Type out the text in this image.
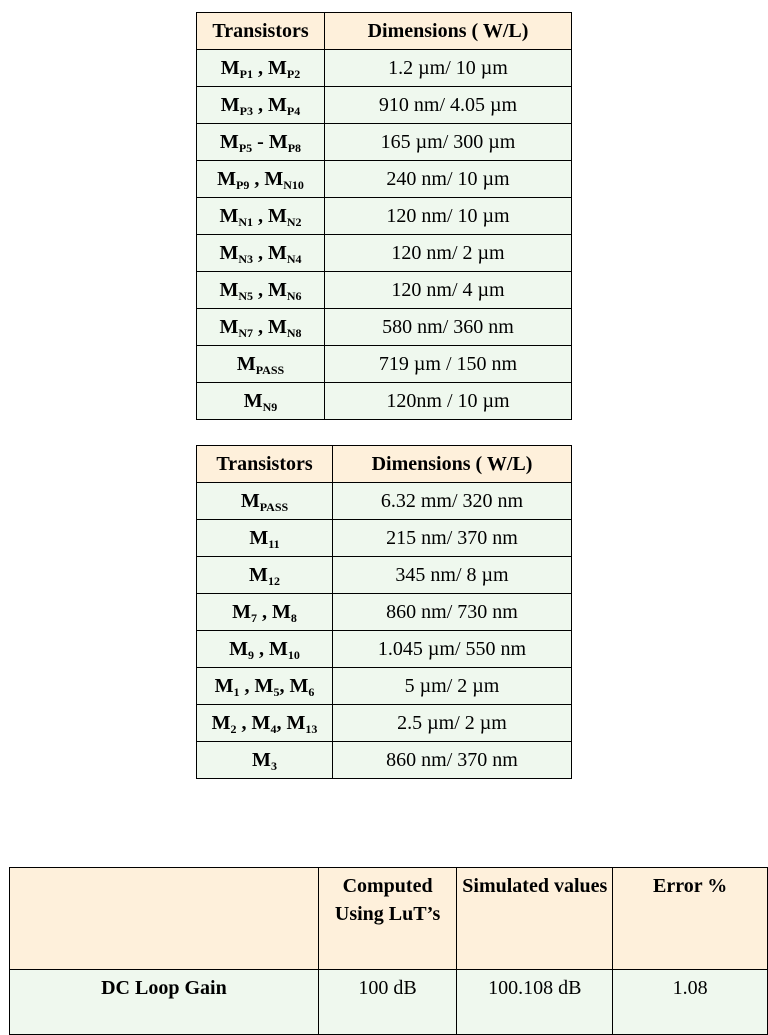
Transistors	Dimensions ( W/L)
$M_{P1}$ , $M_{P2}$	1.2 µm/ 10 µm
$M_{P3}$ , $M_{P4}$	910 nm/ 4.05 µm
$M_{P5} - M_{P8}$	165 µm/ 300 µm
$M_{P9}$ , $M_{N10}$	240 nm/ 10 µm
$M_{N1}$ , $M_{N2}$	120 nm/ 10 µm
$M_{N3}$ , $M_{N4}$	120 nm/ 2 µm
$M_{N5}$ , $M_{N6}$	120 nm/ 4 µm
$M_{N7}$ , $M_{N8}$	580 nm/ 360 nm
$M_{PASS}$	719 µm / 150 nm
$M_{N9}$	120nm / 10 µm
Transistors	Dimensions ( W/L)
$M_{PASS}$	6.32 mm/ 320 nm
$M_{11}$	215 nm/ 370 nm
$M_{12}$	345 nm/ 8 µm
$M_7$ , $M_8$	860 nm/ 730 nm
$M_9$ , $M_{10}$	1.045 µm/ 550 nm
$M_1$ , $M_5$, $M_6$	5 µm/ 2 µm
$M_2$ , $M_4$, $M_{13}$	2.5 µm/ 2 µm
$M_3$	860 nm/ 370 nm
	Computed Using LuT’s	Simulated values	Error %
DC Loop Gain	100 dB	100.108 dB	1.08
